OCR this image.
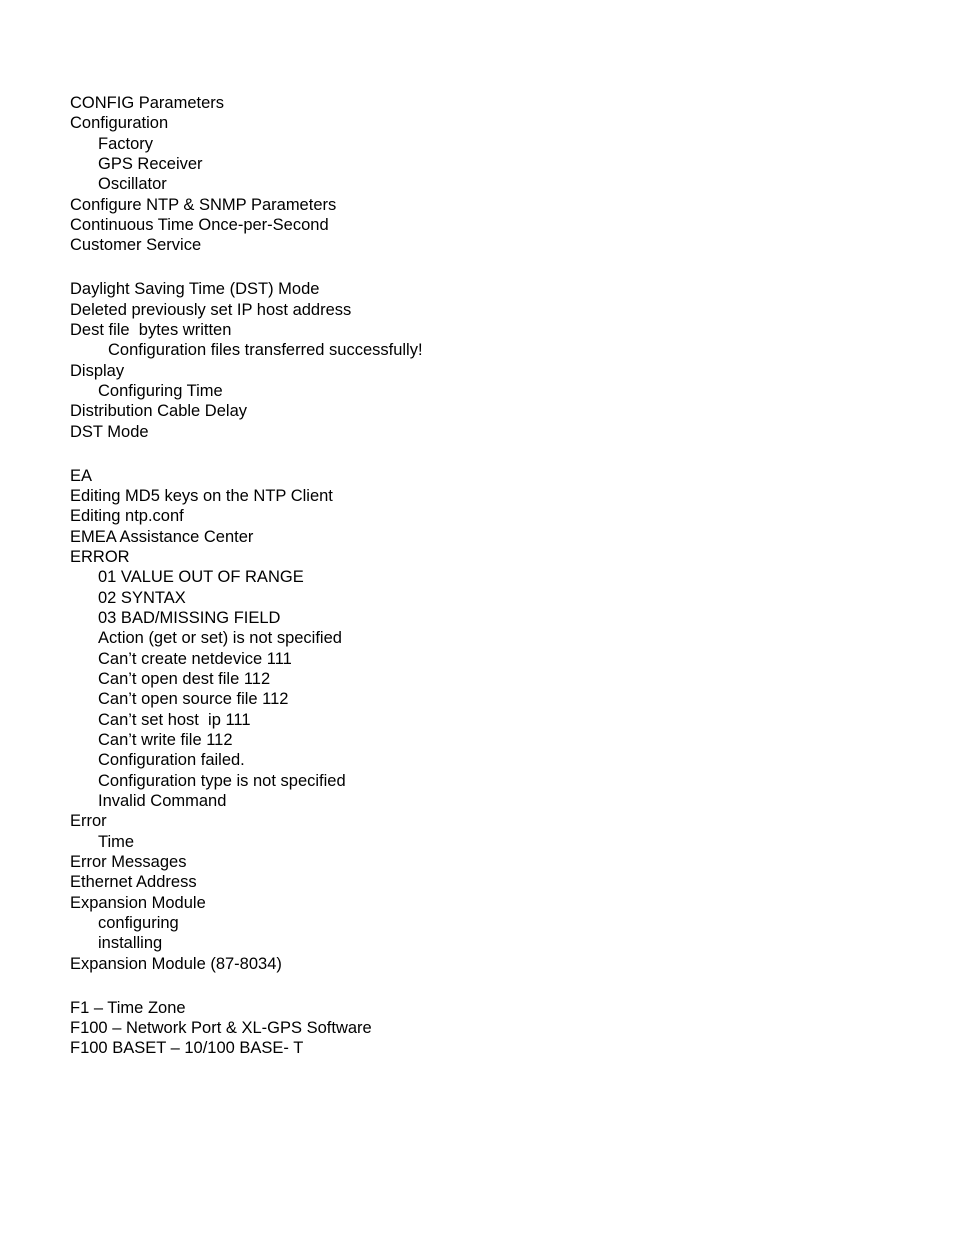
CONFIG Parameters
Configuration
Factory
GPS Receiver
Oscillator
Configure NTP & SNMP Parameters
Continuous Time Once-per-Second
Customer Service
Daylight Saving Time (DST) Mode
Deleted previously set IP host address
Dest file  bytes written
Configuration files transferred successfully!
Display
Configuring Time
Distribution Cable Delay
DST Mode
EA
Editing MD5 keys on the NTP Client
Editing ntp.conf
EMEA Assistance Center
ERROR
01 VALUE OUT OF RANGE
02 SYNTAX
03 BAD/MISSING FIELD
Action (get or set) is not specified
Can’t create netdevice 111
Can’t open dest file 112
Can’t open source file 112
Can’t set host  ip 111
Can’t write file 112
Configuration failed.
Configuration type is not specified
Invalid Command
Error
Time
Error Messages
Ethernet Address
Expansion Module
configuring
installing
Expansion Module (87-8034)
F1 – Time Zone
F100 – Network Port & XL-GPS Software
F100 BASET – 10/100 BASE- T
